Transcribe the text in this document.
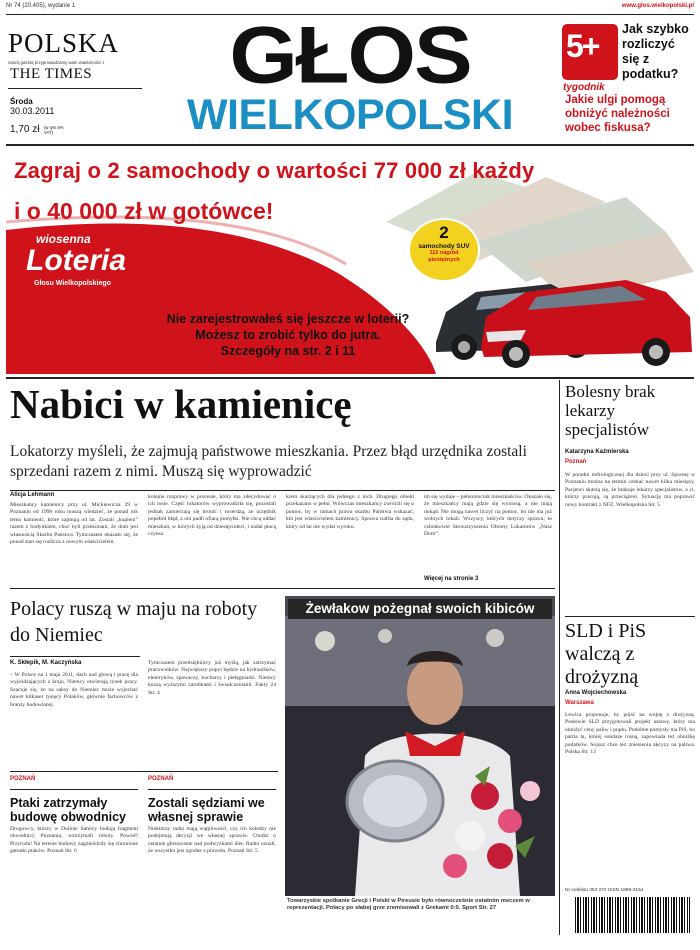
Nr 74 (20.405), wydanie 1	www.glos.wielkopolski.pl
POLSKA
naszą gazetą przyprowadzamy wam wiadomości z
THE TIMES
Środa
30.03.2011
1,70 zł (w tym 8% VAT)
GŁOS
WIELKOPOLSKI
5+
tygodnik
Jak szybko rozliczyć się z podatku?
Jakie ulgi pomogą obniżyć należności wobec fiskusa?
Zagraj o 2 samochody o wartości 77 000 zł każdy
i o 40 000 zł w gotówce!
wiosenna
Loteria
Głosu Wielkopolskiego
2
samochody SUV
112 nagród pieniężnych
Dzisiaj kupon nr 5
Nie zarejestrowałeś się jeszcze w loterii?
Możesz to zrobić tylko do jutra.
Szczegóły na str. 2 i 11
Nabici w kamienicę
Lokatorzy myśleli, że zajmują państwowe mieszkania. Przez błąd urzędnika zostali sprzedani razem z nimi. Muszą się wyprowadzić
Alicja Lehmann
Mieszkańcy kamienicy przy ul. Mickiewicza 29 w Poznaniu od 1998 roku muszą wiedzieć, że ponad rok temu kamienic, które zajmują od lat. Zostali „kupieni” razem z budynkiem, choć byli przekonani, że dom jest własnością Skarbu Państwa. Tymczasem okazało się, że ponad stan się rozlicza z nowym właścicielem.
kolejne rozprawy w procesie, który ma zdecydować o ich losie. Część lokatorów wyprowadziła się, pozostali jednak zamierzają się bronić i twierdzą, że urzędnik popełnił błąd, a oni padli ofiarą pomyłki. Nie chcą oddać mieszkań, w których żyją od dziesięcioleci, i nadal płacą czynsz.
kiem skarżących dla jednego z nich. Drugiego obiekt przekazano w pełni. Wówczas mieszkańcy zwrócili się o pomoc, by w ramach prawa skarbu Państwa wskazać, kto jest właścicielem kamienicy. Sprawa trafiła do sądu, który od lat nie wydał wyroku.
im się wydaje – pełnomocnik mieszkańców. Okazało się, że mieszkańcy mają gdzie się wyniosą, a nie mają dokąd. Nie mogą nawet liczyć na pomoc, bo nie ma już wolnych lokali. Wszyscy, których dotyczy sprawa, to członkowie Stowarzyszenia Obrony Lokatorów „Nasz Dom”.
Więcej na stronie 3
Bolesny brak lekarzy specjalistów
Katarzyna Kaźmierska
Poznań
W poradni nefrologicznej dla dzieci przy ul. Spornej w Poznaniu można na termin czekać nawet kilka miesięcy. Pacjenci skarżą się, że brakuje lekarzy specjalistów, a ci, którzy pracują, są przeciążeni. Sytuację ma poprawić nowy kontrakt z NFZ. Wielkopolska Str. 5
SLD i PiS walczą z drożyzną
Anna Wojciechowska
Warszawa
Lewica proponuje, by pójść na wojnę z drożyzną. Posłowie SLD przygotowali projekt ustawy, który ma obniżyć ceny paliw i prądu. Podobne pomysły ma PiS, bo partia ta, której sondaże rosną, zapowiada też obniżkę podatków. Sojusz chce też zniesienia akcyzy na paliwa. Polska Str. 13
Nr indeksu 353 272 ISSN 1898-3154
Polacy ruszą w maju na roboty do Niemiec
K. Skłepik, M. Kaczyńska
– W Polsce na 1 maja 2011, dach nad głową i pracę dla wyjeżdżających z kraju. Niemcy otwierają rynek pracy. Szacuje się, że na saksy do Niemiec może wyjechać nawet kilkaset tysięcy Polaków, głównie fachowców z branży budowlanej.
Tymczasem przedsiębiorcy już myślą, jak zatrzymać pracowników. Największy popyt będzie na hydraulików, elektryków, spawaczy, kucharzy i pielęgniarki. Niemcy kuszą wyższymi zarobkami i świadczeniami. Fakty 24 Str. 4
Żewłakow pożegnał swoich kibiców
Towarzyskie spotkanie Grecji i Polski w Pireusie było równocześnie ostatnim meczem w reprezentacji. Polacy po słabej grze zremisowali z Grekami 0:0. Sport Str. 27
POZNAŃ
Ptaki zatrzymały budowę obwodnicy
Drogowcy, którzy w Dolinie Samicy budują fragment obwodnicy Poznania, wstrzymali roboty. Powód? Przyroda! Na terenie budowy zagnieździły się chronione gatunki ptaków. Poznań Str. 6
POZNAŃ
Zostali sędziami we własnej sprawie
Niektórzy radni mają wątpliwości, czy ich koledzy nie podejmują decyzji we własnej sprawie. Chodzi o ostatnie głosowanie nad podwyżkami diet. Radni uznali, że wszystko jest zgodne z prawem. Poznań Str. 5
